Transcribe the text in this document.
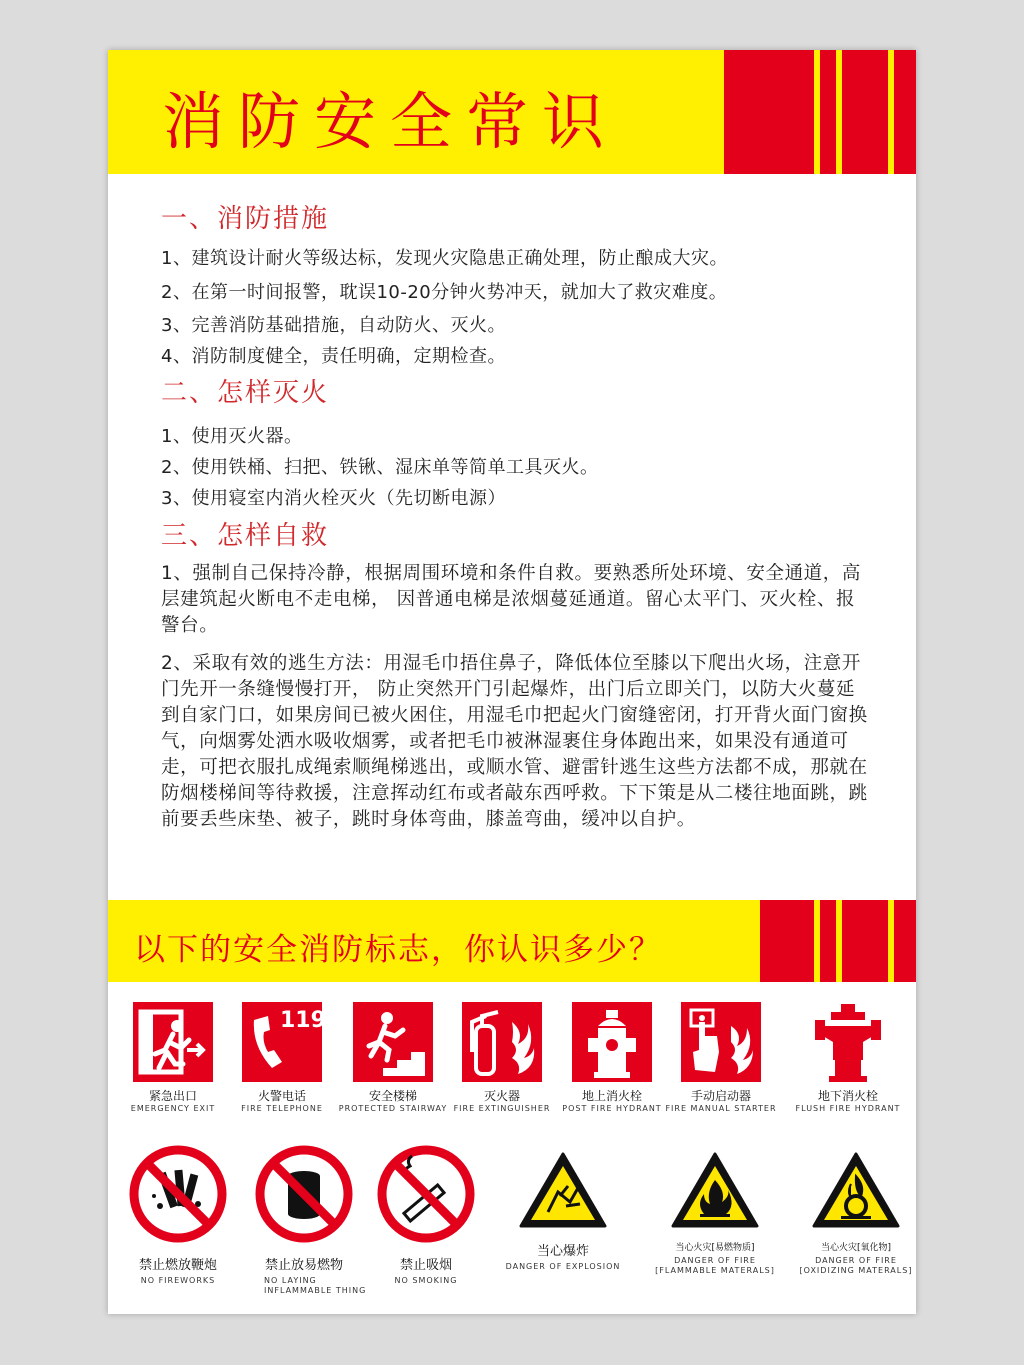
消防安全常识
一、消防措施
1、建筑设计耐火等级达标，发现火灾隐患正确处理，防止酿成大灾。
2、在第一时间报警，耽误10-20分钟火势冲天，就加大了救灾难度。
3、完善消防基础措施，自动防火、灭火。
4、消防制度健全，责任明确，定期检查。
二、怎样灭火
1、使用灭火器。
2、使用铁桶、扫把、铁锹、湿床单等简单工具灭火。
3、使用寝室内消火栓灭火（先切断电源）
三、怎样自救
1、强制自己保持冷静，根据周围环境和条件自救。要熟悉所处环境、安全通道，高层建筑起火断电不走电梯， 因普通电梯是浓烟蔓延通道。留心太平门、灭火栓、报警台。
2、采取有效的逃生方法：用湿毛巾捂住鼻子，降低体位至膝以下爬出火场，注意开门先开一条缝慢慢打开， 防止突然开门引起爆炸，出门后立即关门，以防大火蔓延到自家门口，如果房间已被火困住，用湿毛巾把起火门窗缝密闭，打开背火面门窗换气，向烟雾处洒水吸收烟雾，或者把毛巾被淋湿裹住身体跑出来，如果没有通道可走，可把衣服扎成绳索顺绳梯逃出，或顺水管、避雷针逃生这些方法都不成，那就在防烟楼梯间等待救援，注意挥动红布或者敲东西呼救。下下策是从二楼往地面跳，跳前要丢些床垫、被子，跳时身体弯曲，膝盖弯曲，缓冲以自护。
以下的安全消防标志，你认识多少？
紧急出口
EMERGENCY EXIT
119
火警电话
FIRE TELEPHONE
安全楼梯
PROTECTED STAIRWAY
灭火器
FIRE EXTINGUISHER
地上消火栓
POST FIRE HYDRANT
手动启动器
FIRE MANUAL STARTER
地下消火栓
FLUSH FIRE HYDRANT
禁止燃放鞭炮
NO FIREWORKS
禁止放易燃物
NO LAYING
INFLAMMABLE THING
禁止吸烟
NO SMOKING
当心爆炸
DANGER OF EXPLOSION
当心火灾[易燃物质]
DANGER OF FIRE
[FLAMMABLE MATERALS]
当心火灾[氧化物]
DANGER OF FIRE
[OXIDIZING MATERALS]
